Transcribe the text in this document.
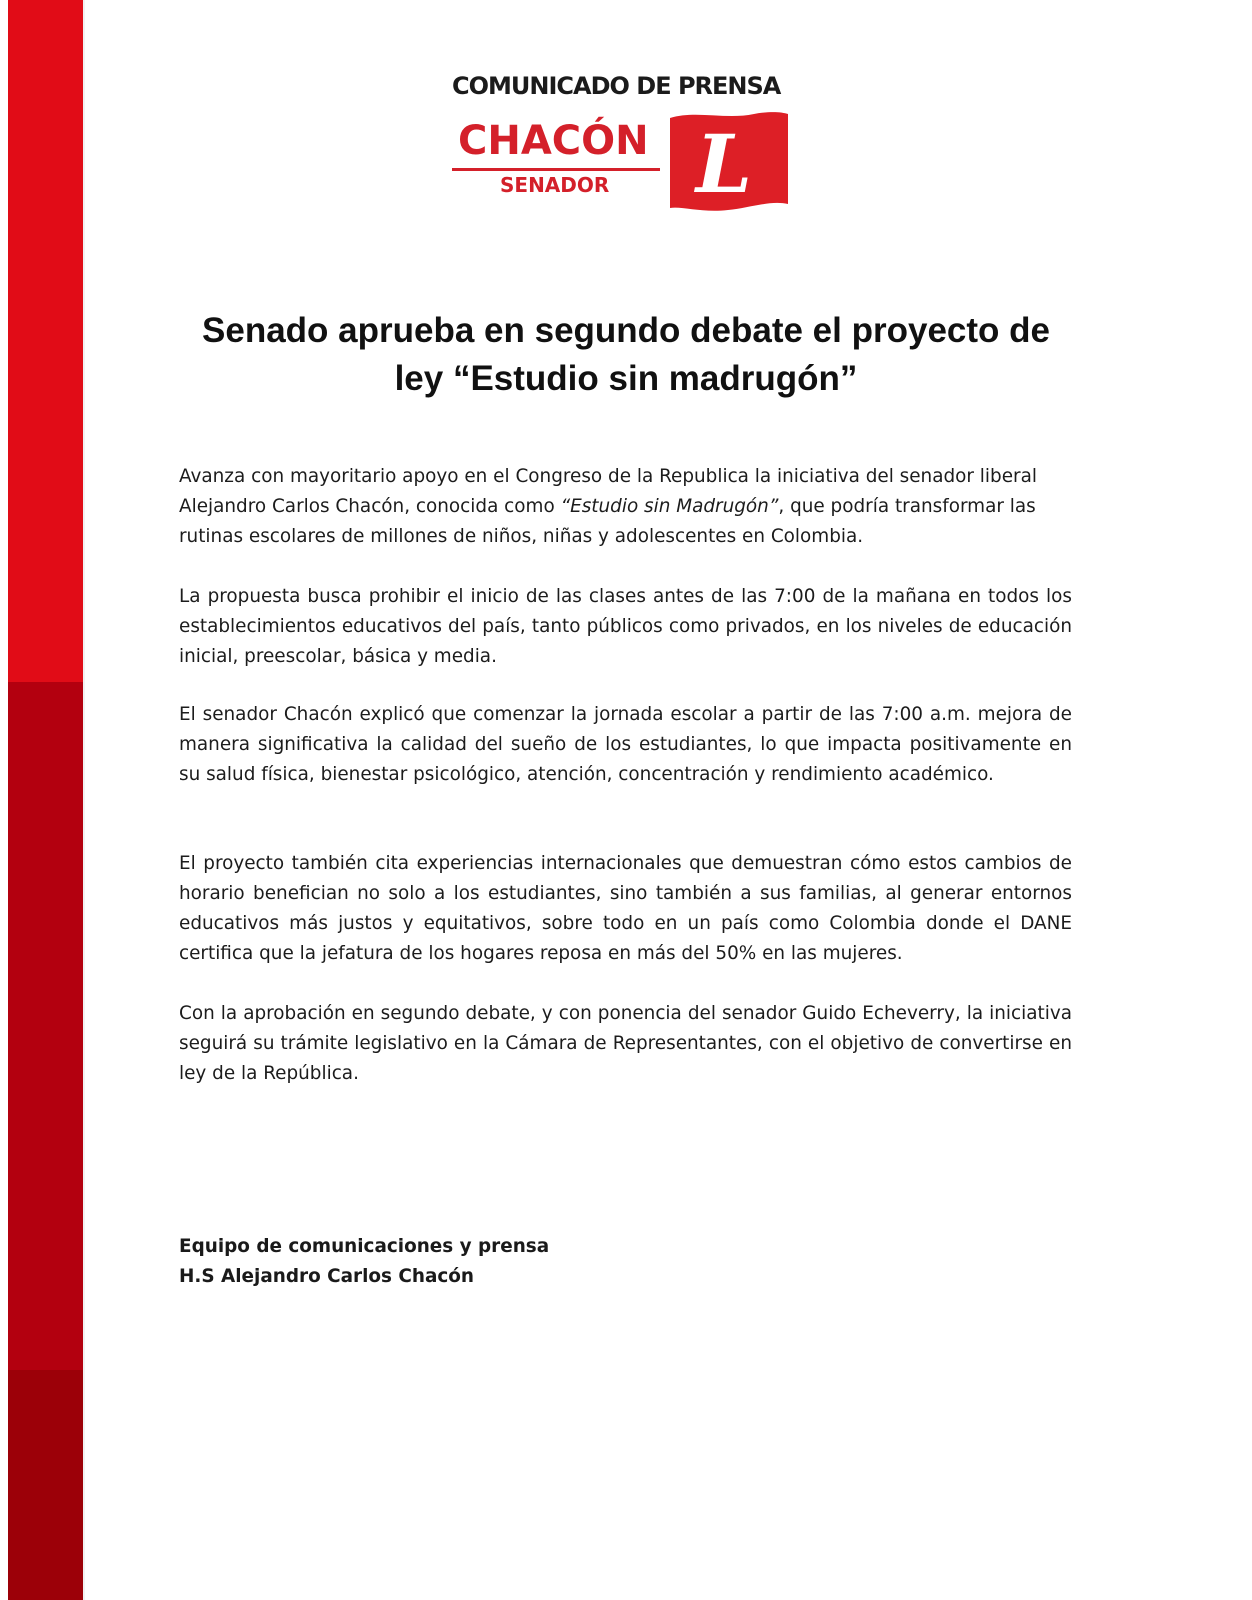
COMUNICADO DE PRENSA
CHACÓN
SENADOR L
Senado aprueba en segundo debate el proyecto de
ley “Estudio sin madrugón”

Avanza con mayoritario apoyo en el Congreso de la Republica la iniciativa del senador liberal Alejandro Carlos Chacón, conocida como “Estudio sin Madrugón”, que podría transformar las rutinas escolares de millones de niños, niñas y adolescentes en Colombia.

La propuesta busca prohibir el inicio de las clases antes de las 7:00 de la mañana en todos los establecimientos educativos del país, tanto públicos como privados, en los niveles de educación inicial, preescolar, básica y media.

El senador Chacón explicó que comenzar la jornada escolar a partir de las 7:00 a.m. mejora de manera significativa la calidad del sueño de los estudiantes, lo que impacta positivamente en su salud física, bienestar psicológico, atención, concentración y rendimiento académico.

El proyecto también cita experiencias internacionales que demuestran cómo estos cambios de horario benefician no solo a los estudiantes, sino también a sus familias, al generar entornos educativos más justos y equitativos, sobre todo en un país como Colombia donde el DANE certifica que la jefatura de los hogares reposa en más del 50% en las mujeres.

Con la aprobación en segundo debate, y con ponencia del senador Guido Echeverry, la iniciativa seguirá su trámite legislativo en la Cámara de Representantes, con el objetivo de convertirse en ley de la República.

Equipo de comunicaciones y prensa
H.S Alejandro Carlos Chacón
